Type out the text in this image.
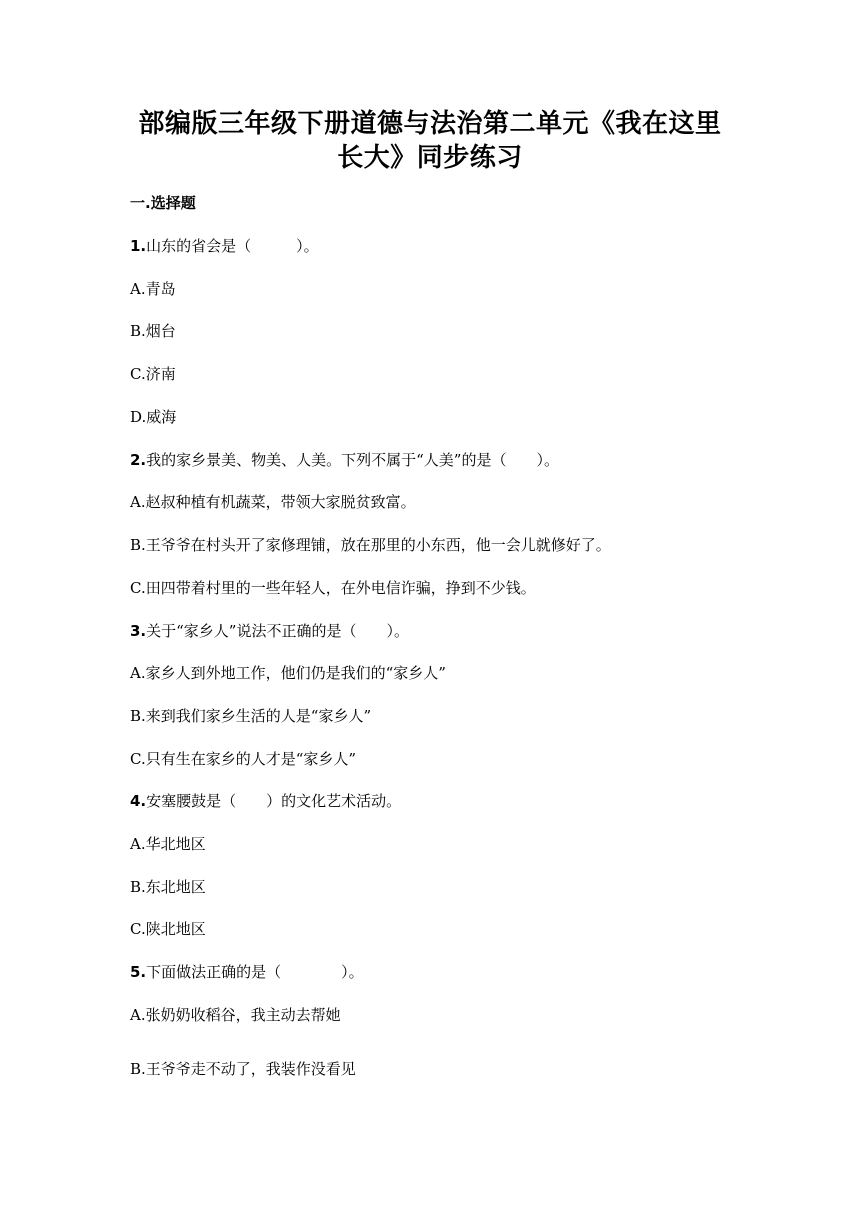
部编版三年级下册道德与法治第二单元《我在这里
长大》同步练习
一.选择题
1.山东的省会是（　　　）。
A.青岛
B.烟台
C.济南
D.威海
2.我的家乡景美、物美、人美。下列不属于“人美”的是（　　）。
A.赵叔种植有机蔬菜，带领大家脱贫致富。
B.王爷爷在村头开了家修理铺，放在那里的小东西，他一会儿就修好了。
C.田四带着村里的一些年轻人，在外电信诈骗，挣到不少钱。
3.关于“家乡人”说法不正确的是（　　）。
A.家乡人到外地工作，他们仍是我们的“家乡人”
B.来到我们家乡生活的人是“家乡人”
C.只有生在家乡的人才是“家乡人”
4.安塞腰鼓是（　　）的文化艺术活动。
A.华北地区
B.东北地区
C.陕北地区
5.下面做法正确的是（　　　　）。
A.张奶奶收稻谷，我主动去帮她
B.王爷爷走不动了，我装作没看见
